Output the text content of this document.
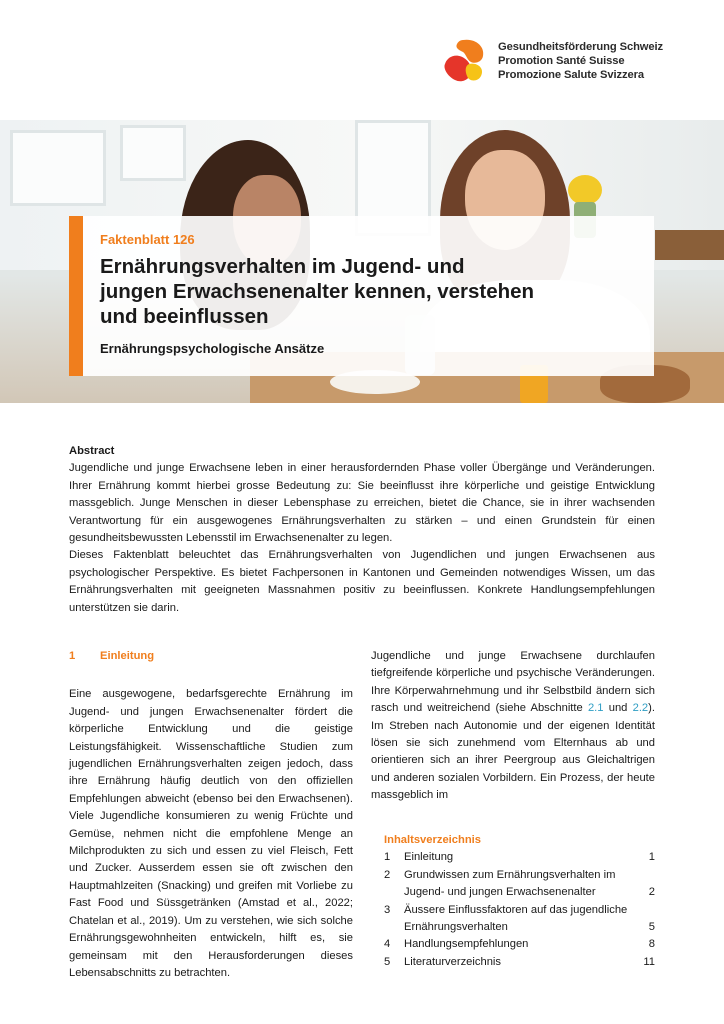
Gesundheitsförderung Schweiz
Promotion Santé Suisse
Promozione Salute Svizzera
Faktenblatt 126
Ernährungsverhalten im Jugend- und
jungen Erwachsenenalter kennen, verstehen
und beeinflussen
Ernährungspsychologische Ansätze
Abstract

Jugendliche und junge Erwachsene leben in einer herausfordernden Phase voller Übergänge und Veränderungen. Ihrer Ernährung kommt hierbei grosse Bedeutung zu: Sie beeinflusst ihre körperliche und geistige Entwicklung massgeblich. Junge Menschen in dieser Lebensphase zu erreichen, bietet die Chance, sie in ihrer wachsenden Verantwortung für ein ausgewogenes Ernährungsverhalten zu stärken – und einen Grundstein für einen gesundheitsbewussten Lebensstil im Erwachsenenalter zu legen.

Dieses Faktenblatt beleuchtet das Ernährungsverhalten von Jugendlichen und jungen Erwachsenen aus psychologischer Perspektive. Es bietet Fachpersonen in Kantonen und Gemeinden notwendiges Wissen, um das Ernährungsverhalten mit geeigneten Massnahmen positiv zu beeinflussen. Konkrete Handlungsempfehlungen unterstützen sie darin.

1 Einleitung

Eine ausgewogene, bedarfsgerechte Ernährung im Jugend- und jungen Erwachsenenalter fördert die körperliche Entwicklung und die geistige Leistungsfähigkeit. Wissenschaftliche Studien zum jugendlichen Ernährungsverhalten zeigen jedoch, dass ihre Ernährung häufig deutlich von den offiziellen Empfehlungen abweicht (ebenso bei den Erwachsenen). Viele Jugendliche konsumieren zu wenig Früchte und Gemüse, nehmen nicht die empfohlene Menge an Milchprodukten zu sich und essen zu viel Fleisch, Fett und Zucker. Ausserdem essen sie oft zwischen den Hauptmahlzeiten (Snacking) und greifen mit Vorliebe zu Fast Food und Süssgetränken (Amstad et al., 2022; Chatelan et al., 2019). Um zu verstehen, wie sich solche Ernährungsgewohnheiten entwickeln, hilft es, sie gemeinsam mit den Herausforderungen dieses Lebensabschnitts zu betrachten.

Jugendliche und junge Erwachsene durchlaufen tiefgreifende körperliche und psychische Veränderungen. Ihre Körperwahrnehmung und ihr Selbstbild ändern sich rasch und weitreichend (siehe Abschnitte 2.1 und 2.2). Im Streben nach Autonomie und der eigenen Identität lösen sie sich zunehmend vom Elternhaus ab und orientieren sich an ihrer Peergroup aus Gleichaltrigen und anderen sozialen Vorbildern. Ein Prozess, der heute massgeblich im

Inhaltsverzeichnis
1 Einleitung	1
2 Grundwissen zum Ernährungsverhalten im Jugend- und jungen Erwachsenenalter	2
3 Äussere Einflussfaktoren auf das jugendliche Ernährungsverhalten	5
4 Handlungsempfehlungen	8
5 Literaturverzeichnis	11
